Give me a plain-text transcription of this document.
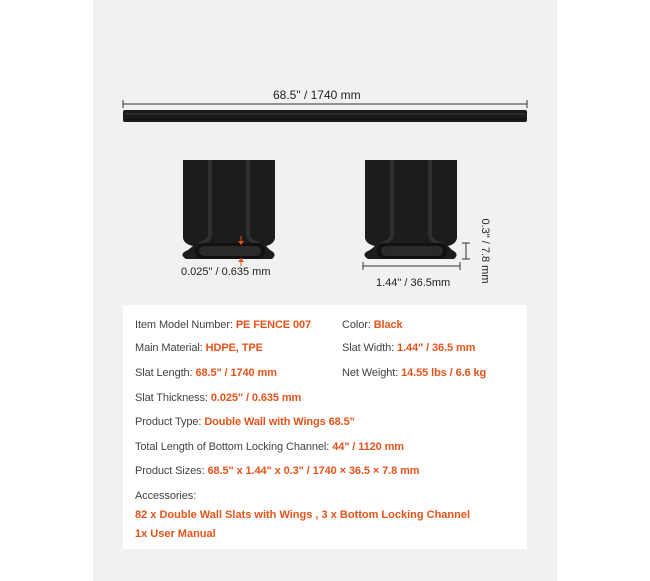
68.5" / 1740 mm
0.025" / 0.635 mm
1.44" / 36.5mm	0.3" / 7.8 mm
Item Model Number: PE FENCE 007	Color: Black
Main Material: HDPE, TPE	Slat Width: 1.44" / 36.5 mm
Slat Length: 68.5" / 1740 mm	Net Weight: 14.55 lbs / 6.6 kg
Slat Thickness: 0.025" / 0.635 mm
Product Type: Double Wall with Wings 68.5"
Total Length of Bottom Locking Channel: 44" / 1120 mm
Product Sizes: 68.5" x 1.44" x 0.3" / 1740 × 36.5 × 7.8 mm
Accessories:
82 x Double Wall Slats with Wings , 3 x Bottom Locking Channel
1x User Manual
